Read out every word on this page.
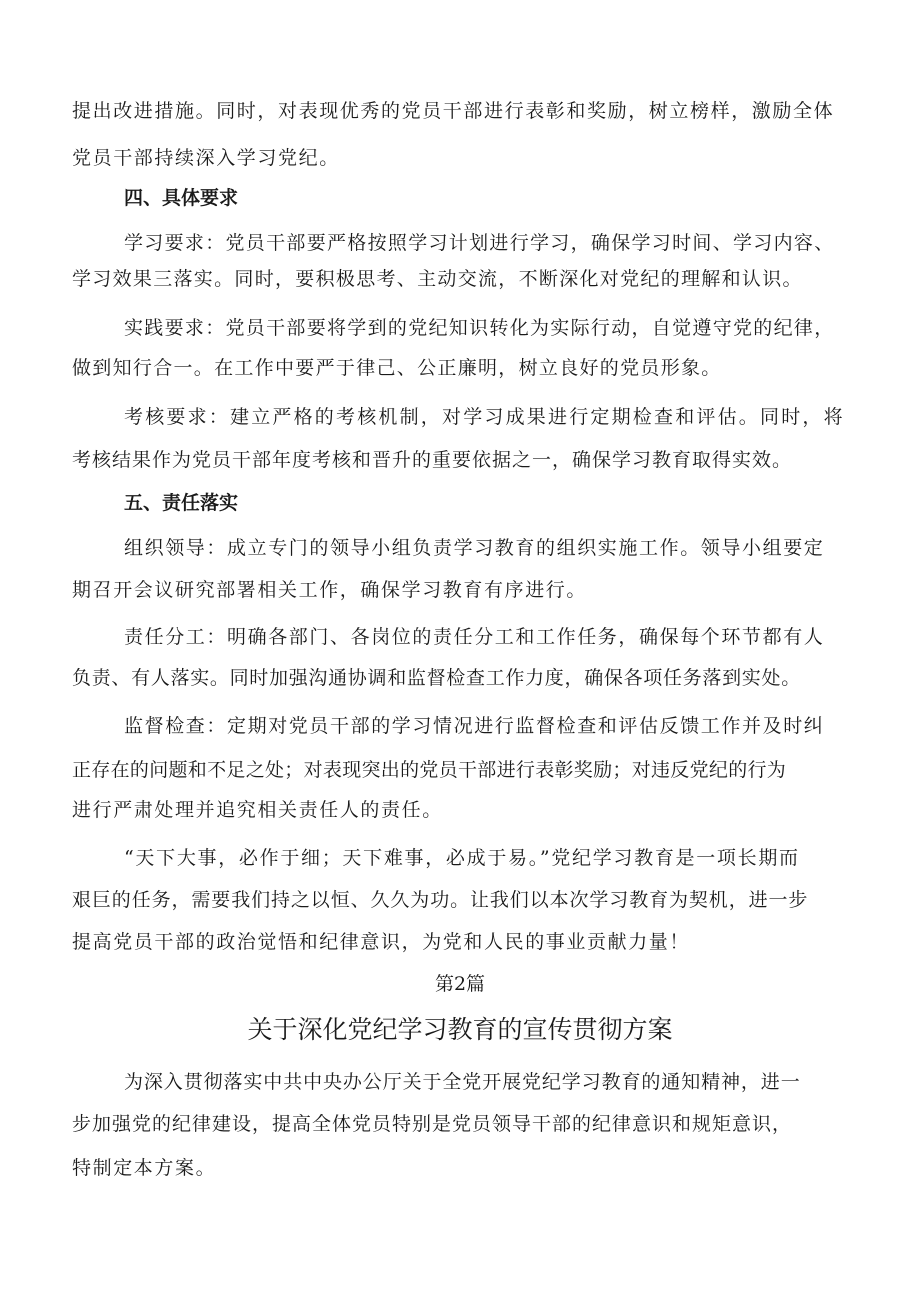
提出改进措施。同时，对表现优秀的党员干部进行表彰和奖励，树立榜样，激励全体
党员干部持续深入学习党纪。
四、具体要求
学习要求：党员干部要严格按照学习计划进行学习，确保学习时间、学习内容、
学习效果三落实。同时，要积极思考、主动交流，不断深化对党纪的理解和认识。
实践要求：党员干部要将学到的党纪知识转化为实际行动，自觉遵守党的纪律，
做到知行合一。在工作中要严于律己、公正廉明，树立良好的党员形象。
考核要求：建立严格的考核机制，对学习成果进行定期检查和评估。同时，将
考核结果作为党员干部年度考核和晋升的重要依据之一，确保学习教育取得实效。
五、责任落实
组织领导：成立专门的领导小组负责学习教育的组织实施工作。领导小组要定
期召开会议研究部署相关工作，确保学习教育有序进行。
责任分工：明确各部门、各岗位的责任分工和工作任务，确保每个环节都有人
负责、有人落实。同时加强沟通协调和监督检查工作力度，确保各项任务落到实处。
监督检查：定期对党员干部的学习情况进行监督检查和评估反馈工作并及时纠
正存在的问题和不足之处；对表现突出的党员干部进行表彰奖励；对违反党纪的行为
进行严肃处理并追究相关责任人的责任。
“天下大事，必作于细；天下难事，必成于易。”党纪学习教育是一项长期而
艰巨的任务，需要我们持之以恒、久久为功。让我们以本次学习教育为契机，进一步
提高党员干部的政治觉悟和纪律意识，为党和人民的事业贡献力量！
第2篇
关于深化党纪学习教育的宣传贯彻方案
为深入贯彻落实中共中央办公厅关于全党开展党纪学习教育的通知精神，进一
步加强党的纪律建设，提高全体党员特别是党员领导干部的纪律意识和规矩意识，
特制定本方案。
